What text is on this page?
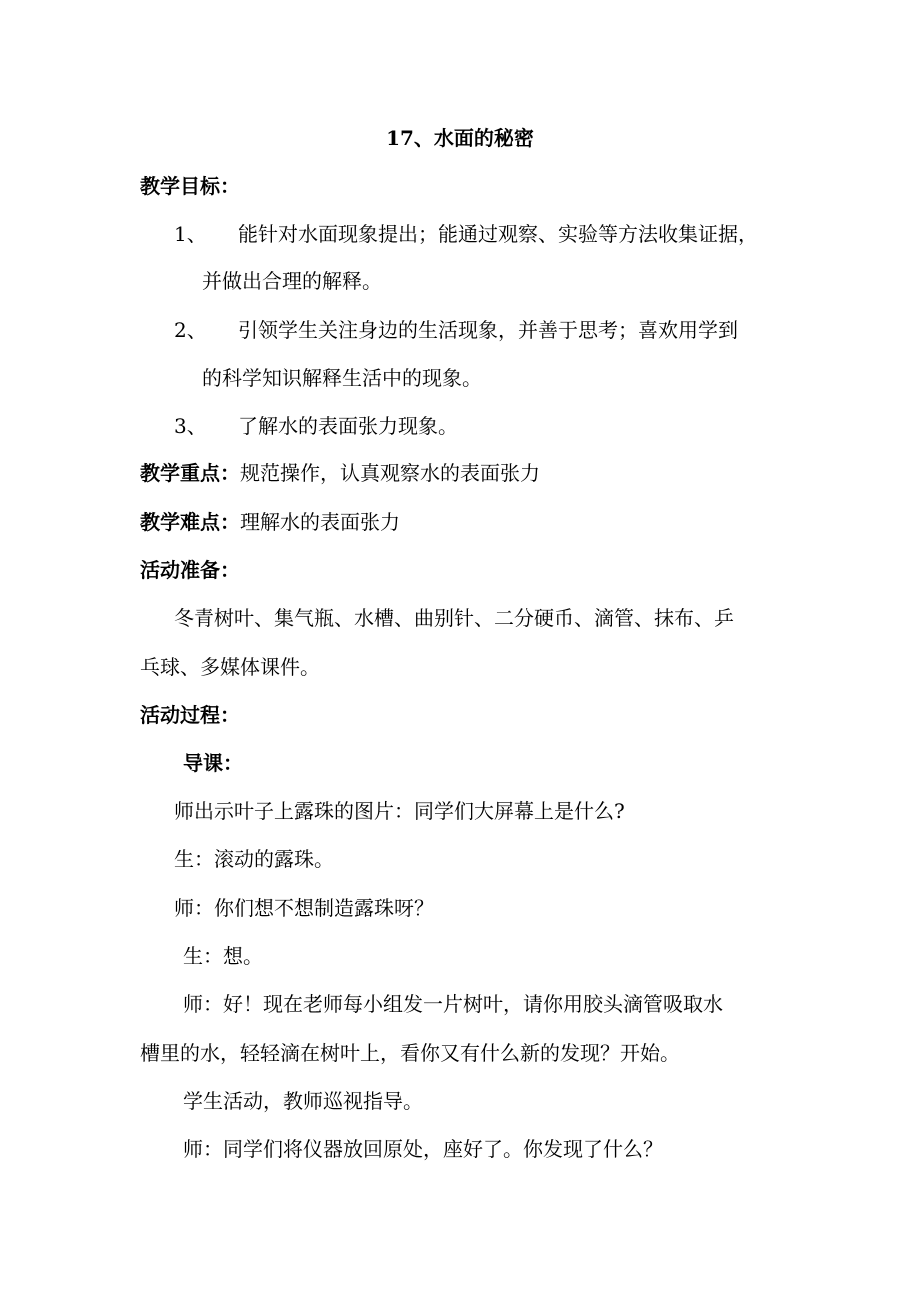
17、水面的秘密
教学目标：
1、 能针对水面现象提出；能通过观察、实验等方法收集证据，
并做出合理的解释。
2、 引领学生关注身边的生活现象，并善于思考；喜欢用学到
的科学知识解释生活中的现象。
3、 了解水的表面张力现象。
教学重点：规范操作，认真观察水的表面张力
教学难点：理解水的表面张力
活动准备：
冬青树叶、集气瓶、水槽、曲别针、二分硬币、滴管、抹布、乒
乓球、多媒体课件。
活动过程：
导课：
师出示叶子上露珠的图片：同学们大屏幕上是什么?
生：滚动的露珠。
师：你们想不想制造露珠呀？
生：想。
师：好！现在老师每小组发一片树叶，请你用胶头滴管吸取水
槽里的水，轻轻滴在树叶上，看你又有什么新的发现？开始。
学生活动，教师巡视指导。
师：同学们将仪器放回原处，座好了。你发现了什么？
